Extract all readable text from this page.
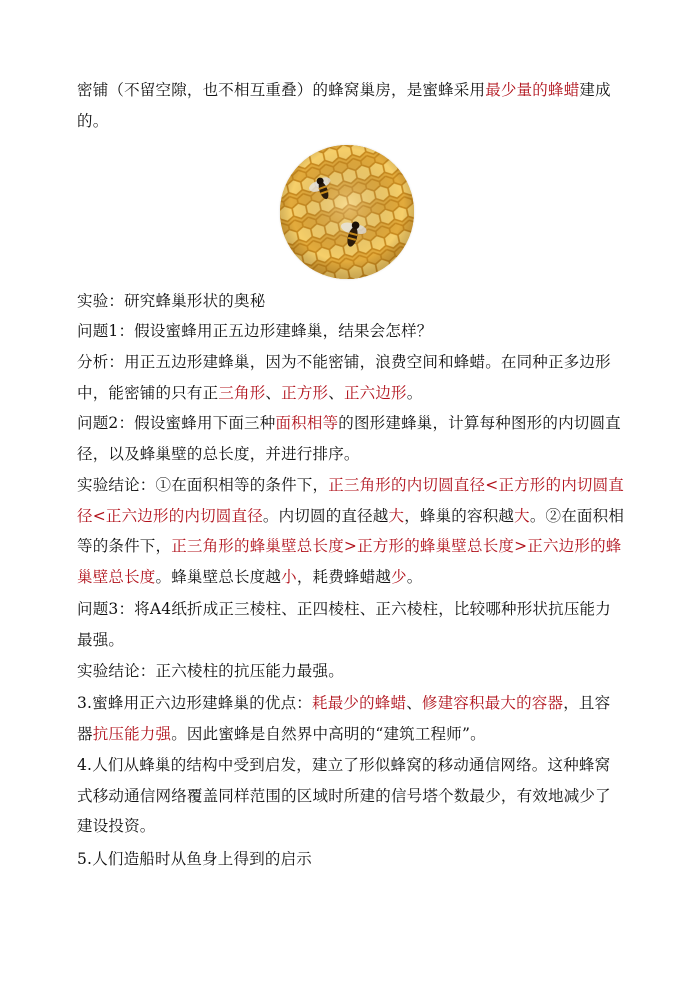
密铺（不留空隙，也不相互重叠）的蜂窝巢房，是蜜蜂采用最少量的蜂蜡建成的。

实验：研究蜂巢形状的奥秘

问题1：假设蜜蜂用正五边形建蜂巢，结果会怎样？

分析：用正五边形建蜂巢，因为不能密铺，浪费空间和蜂蜡。在同种正多边形中，能密铺的只有正三角形、正方形、正六边形。

问题2：假设蜜蜂用下面三种面积相等的图形建蜂巢，计算每种图形的内切圆直径，以及蜂巢壁的总长度，并进行排序。

实验结论：①在面积相等的条件下，正三角形的内切圆直径<正方形的内切圆直径<正六边形的内切圆直径。内切圆的直径越大，蜂巢的容积越大。②在面积相等的条件下，正三角形的蜂巢壁总长度>正方形的蜂巢壁总长度>正六边形的蜂巢壁总长度。蜂巢壁总长度越小，耗费蜂蜡越少。

问题3：将A4纸折成正三棱柱、正四棱柱、正六棱柱，比较哪种形状抗压能力最强。

实验结论：正六棱柱的抗压能力最强。

3.蜜蜂用正六边形建蜂巢的优点：耗最少的蜂蜡、修建容积最大的容器，且容器抗压能力强。因此蜜蜂是自然界中高明的“建筑工程师”。

4.人们从蜂巢的结构中受到启发，建立了形似蜂窝的移动通信网络。这种蜂窝式移动通信网络覆盖同样范围的区域时所建的信号塔个数最少，有效地减少了建设投资。

5.人们造船时从鱼身上得到的启示
